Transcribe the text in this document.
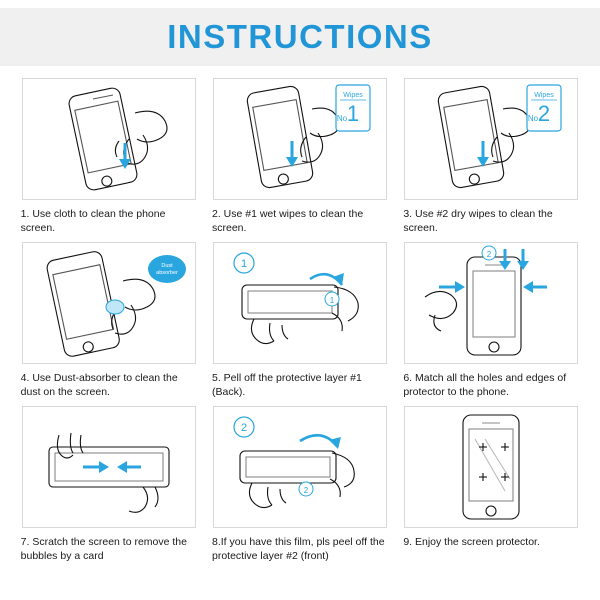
INSTRUCTIONS
1. Use cloth to clean the phone screen.
Wipes
1
No
2. Use #1 wet wipes to clean the screen.
Wipes
2
No
3. Use #2 dry wipes to clean the screen.
Dust
absorber
4. Use Dust-absorber to clean the dust on the screen.
1
1
5. Pell off the protective layer #1 (Back).
2
6. Match all the holes and edges of protector to the phone.
7. Scratch the screen to remove the bubbles by a card
2
2
8.If you have this film, pls peel off the protective layer #2 (front)
9. Enjoy the screen protector.
